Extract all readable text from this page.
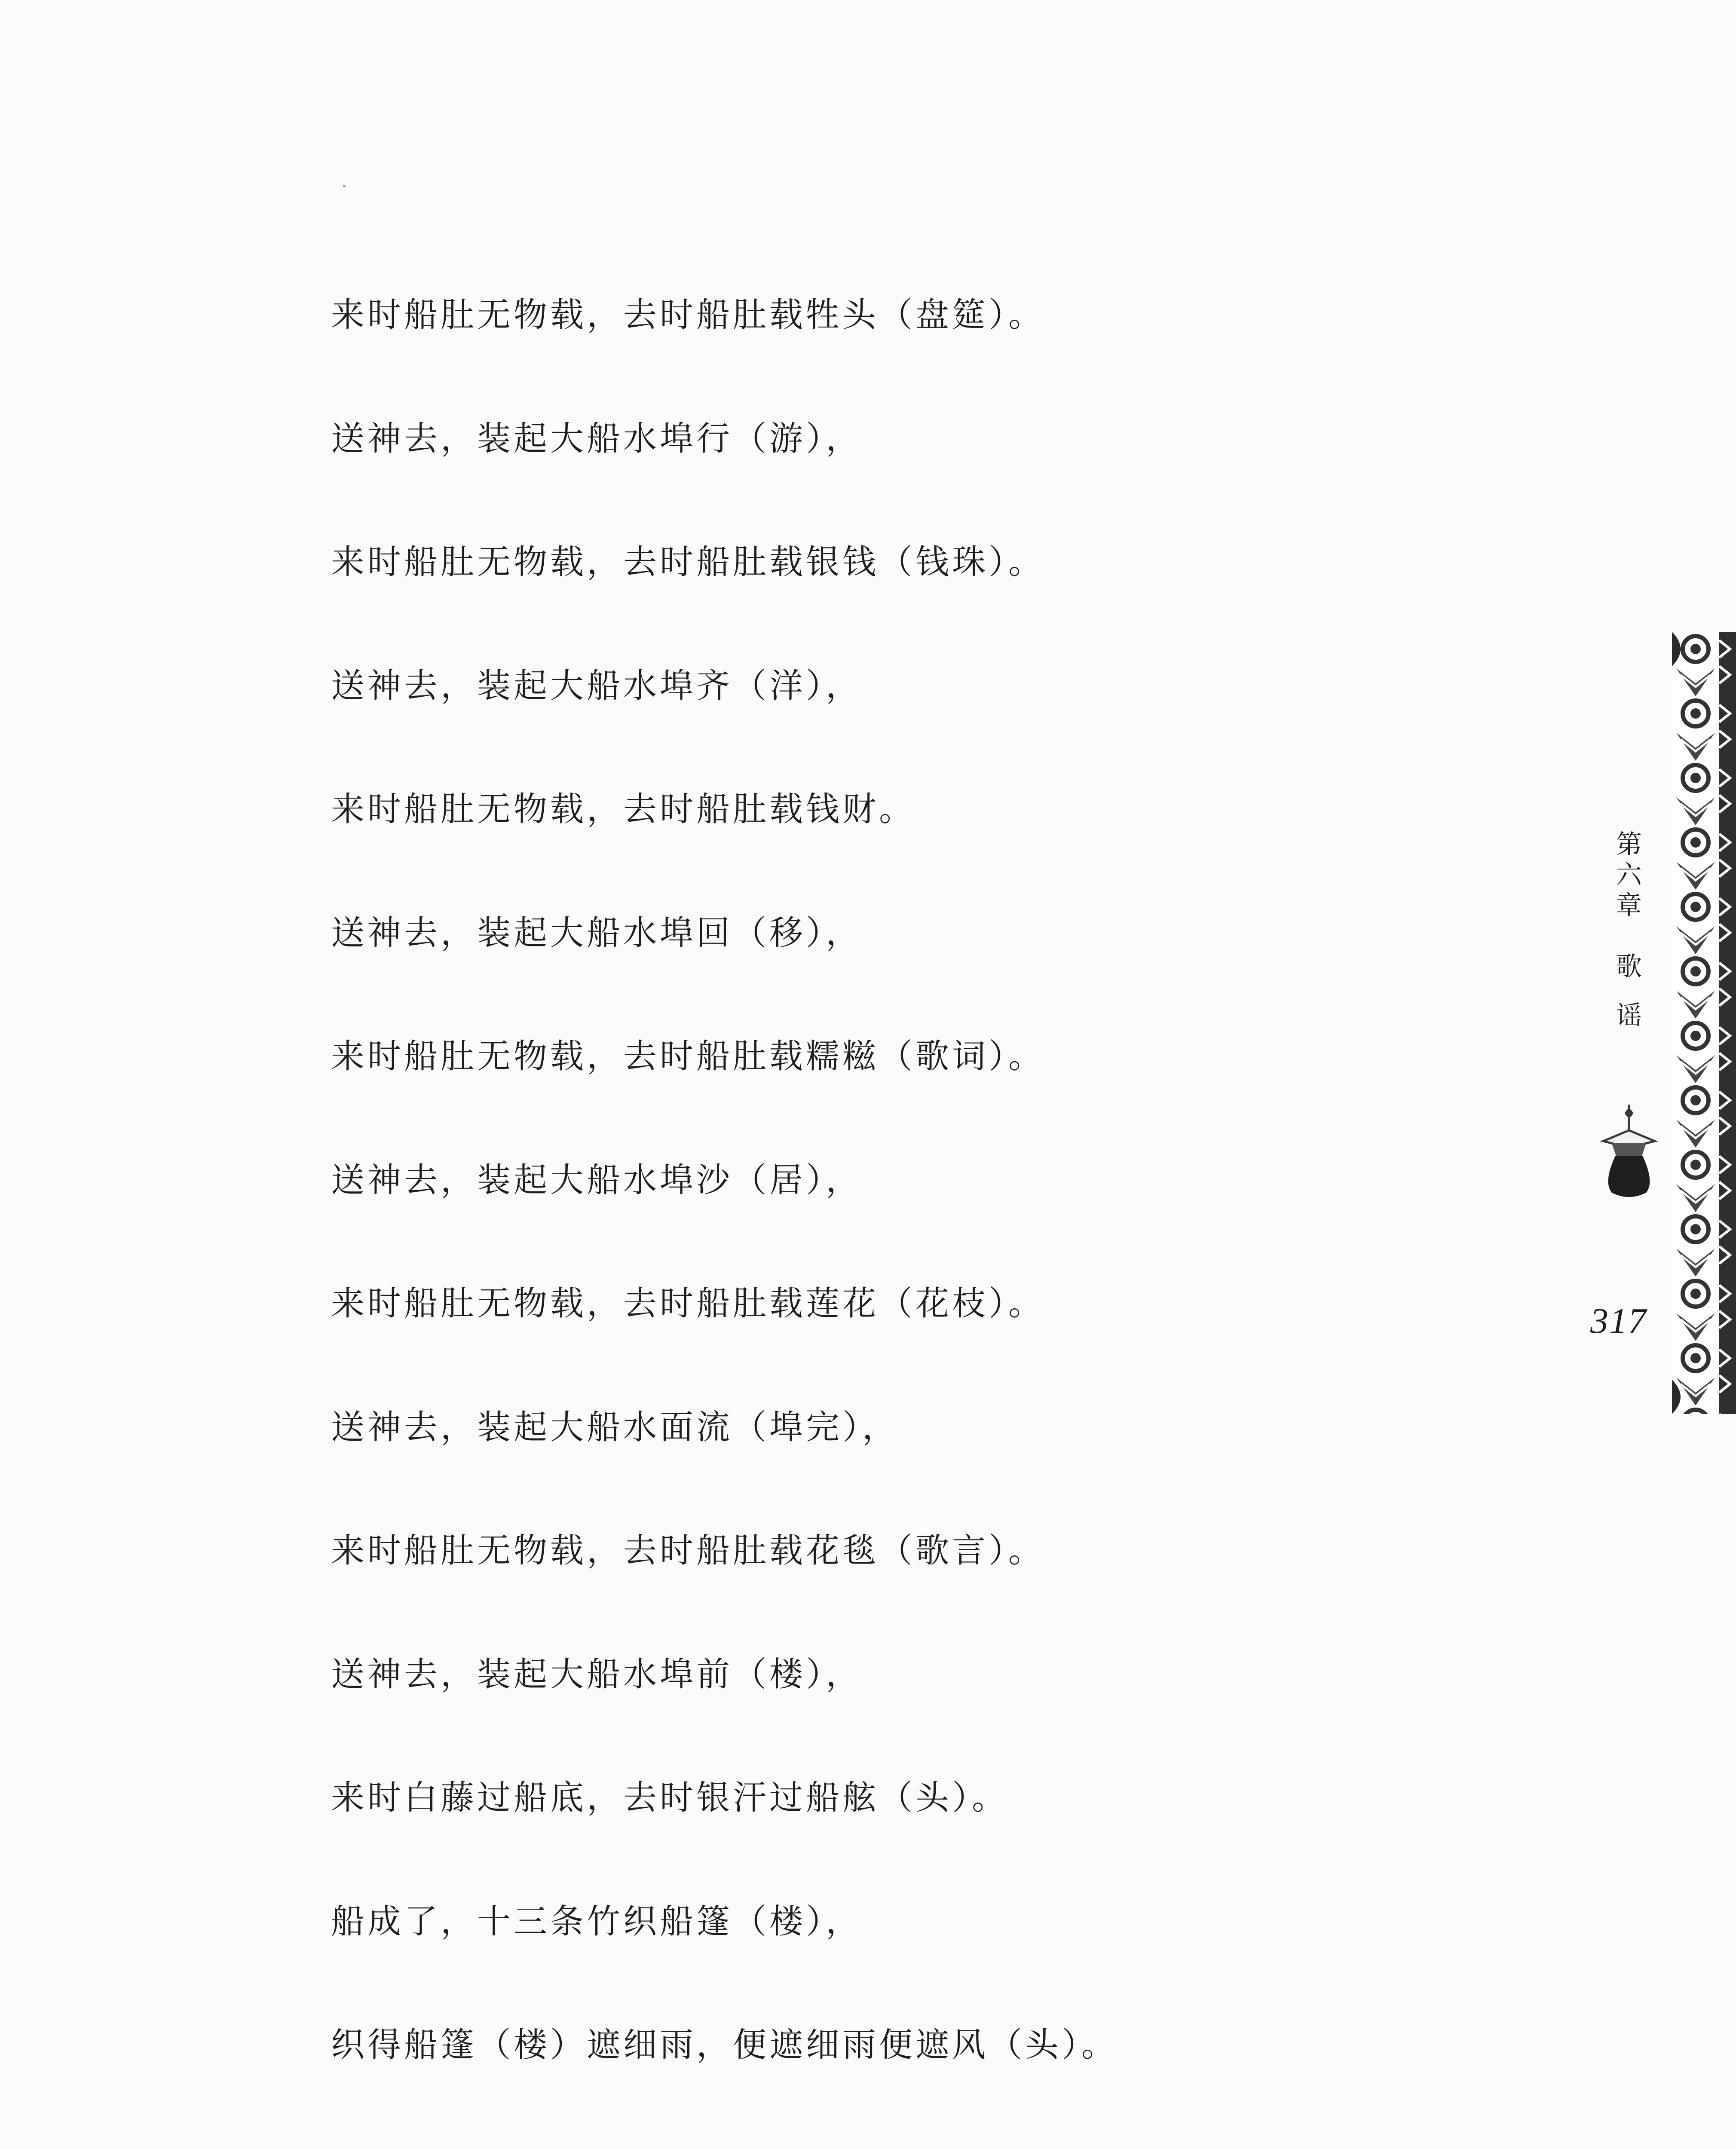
来时船肚无物载，去时船肚载牲头（盘筵）。
送神去，装起大船水埠行（游），
来时船肚无物载，去时船肚载银钱（钱珠）。
送神去，装起大船水埠齐（洋），
来时船肚无物载，去时船肚载钱财。
送神去，装起大船水埠回（移），
来时船肚无物载，去时船肚载糯糍（歌词）。
送神去，装起大船水埠沙（居），
来时船肚无物载，去时船肚载莲花（花枝）。
送神去，装起大船水面流（埠完），
来时船肚无物载，去时船肚载花毯（歌言）。
送神去，装起大船水埠前（楼），
来时白藤过船底，去时银汗过船舷（头）。
船成了，十三条竹织船篷（楼），
织得船篷（楼）遮细雨，便遮细雨便遮风（头）。
第
六
章
歌
谣
317
